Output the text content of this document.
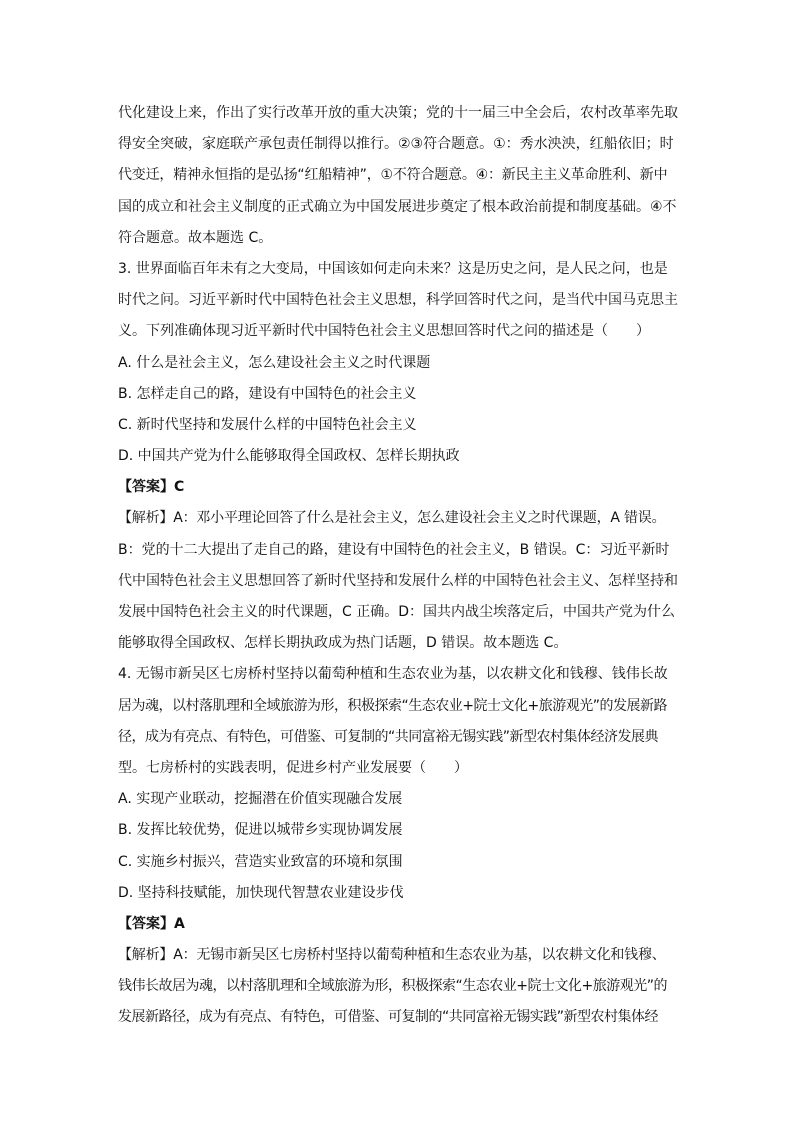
代化建设上来，作出了实行改革开放的重大决策；党的十一届三中全会后，农村改革率先取
得安全突破，家庭联产承包责任制得以推行。②③符合题意。①：秀水泱泱，红船依旧；时
代变迁，精神永恒指的是弘扬“红船精神”，①不符合题意。④：新民主主义革命胜利、新中
国的成立和社会主义制度的正式确立为中国发展进步奠定了根本政治前提和制度基础。④不
符合题意。故本题选 C。
3. 世界面临百年未有之大变局，中国该如何走向未来？这是历史之问，是人民之问，也是
时代之问。习近平新时代中国特色社会主义思想，科学回答时代之问，是当代中国马克思主
义。下列准确体现习近平新时代中国特色社会主义思想回答时代之问的描述是（　　）
A. 什么是社会主义，怎么建设社会主义之时代课题
B. 怎样走自己的路，建设有中国特色的社会主义
C. 新时代坚持和发展什么样的中国特色社会主义
D. 中国共产党为什么能够取得全国政权、怎样长期执政
【答案】C
【解析】A：邓小平理论回答了什么是社会主义，怎么建设社会主义之时代课题，A 错误。
B：党的十二大提出了走自己的路，建设有中国特色的社会主义，B 错误。C：习近平新时
代中国特色社会主义思想回答了新时代坚持和发展什么样的中国特色社会主义、怎样坚持和
发展中国特色社会主义的时代课题，C 正确。D：国共内战尘埃落定后，中国共产党为什么
能够取得全国政权、怎样长期执政成为热门话题，D 错误。故本题选 C。
4. 无锡市新吴区七房桥村坚持以葡萄种植和生态农业为基，以农耕文化和钱穆、钱伟长故
居为魂，以村落肌理和全域旅游为形，积极探索“生态农业+院士文化+旅游观光”的发展新路
径，成为有亮点、有特色，可借鉴、可复制的“共同富裕无锡实践”新型农村集体经济发展典
型。七房桥村的实践表明，促进乡村产业发展要（　　）
A. 实现产业联动，挖掘潜在价值实现融合发展
B. 发挥比较优势，促进以城带乡实现协调发展
C. 实施乡村振兴，营造实业致富的环境和氛围
D. 坚持科技赋能，加快现代智慧农业建设步伐
【答案】A
【解析】A：无锡市新吴区七房桥村坚持以葡萄种植和生态农业为基，以农耕文化和钱穆、
钱伟长故居为魂，以村落肌理和全域旅游为形，积极探索“生态农业+院士文化+旅游观光”的
发展新路径，成为有亮点、有特色，可借鉴、可复制的“共同富裕无锡实践”新型农村集体经
